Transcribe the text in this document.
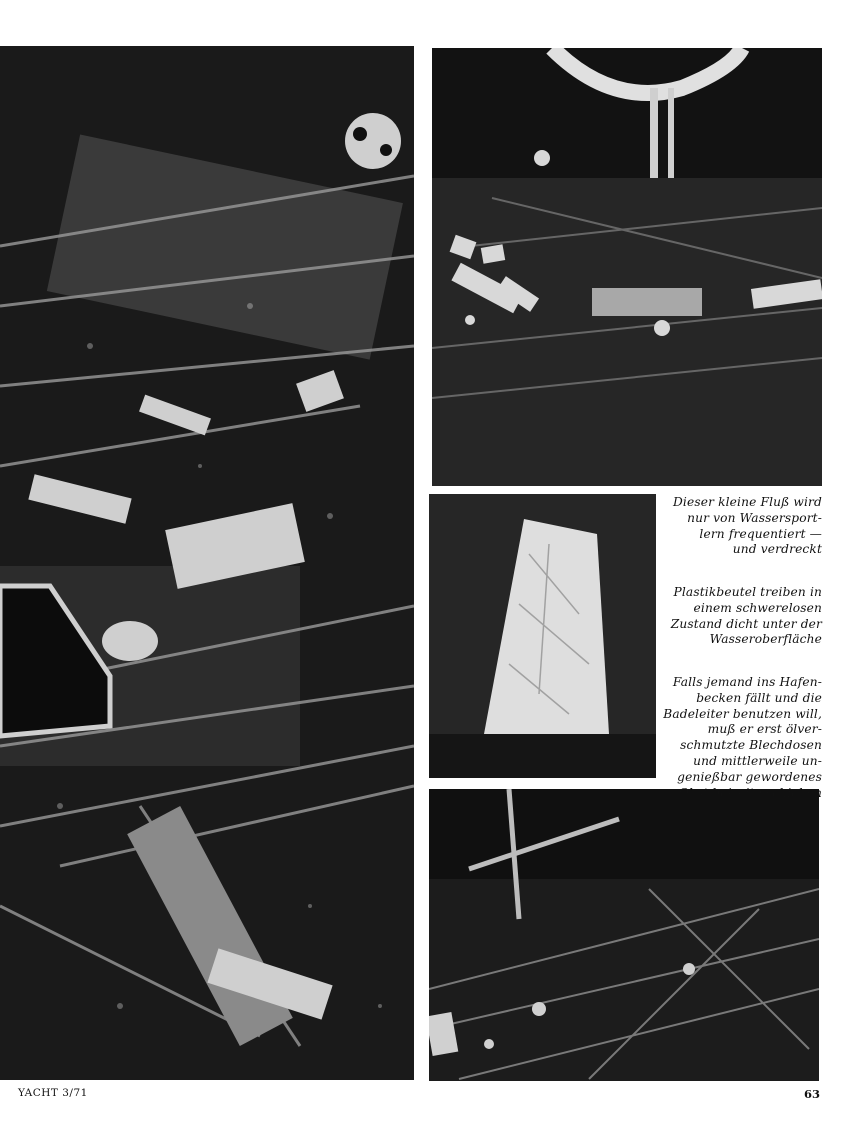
Dieser kleine Fluß wird
nur von Wassersport-
lern frequentiert —
und verdreckt
Plastikbeutel treiben in
einem schwerelosen
Zustand dicht unter der
Wasseroberfläche
Falls jemand ins Hafen-
becken fällt und die
Badeleiter benutzen will,
muß er erst ölver-
schmutzte Blechdosen
und mittlerweile un-
genießbar gewordenes
Obst beiseite schieben
YACHT 3/71	63
